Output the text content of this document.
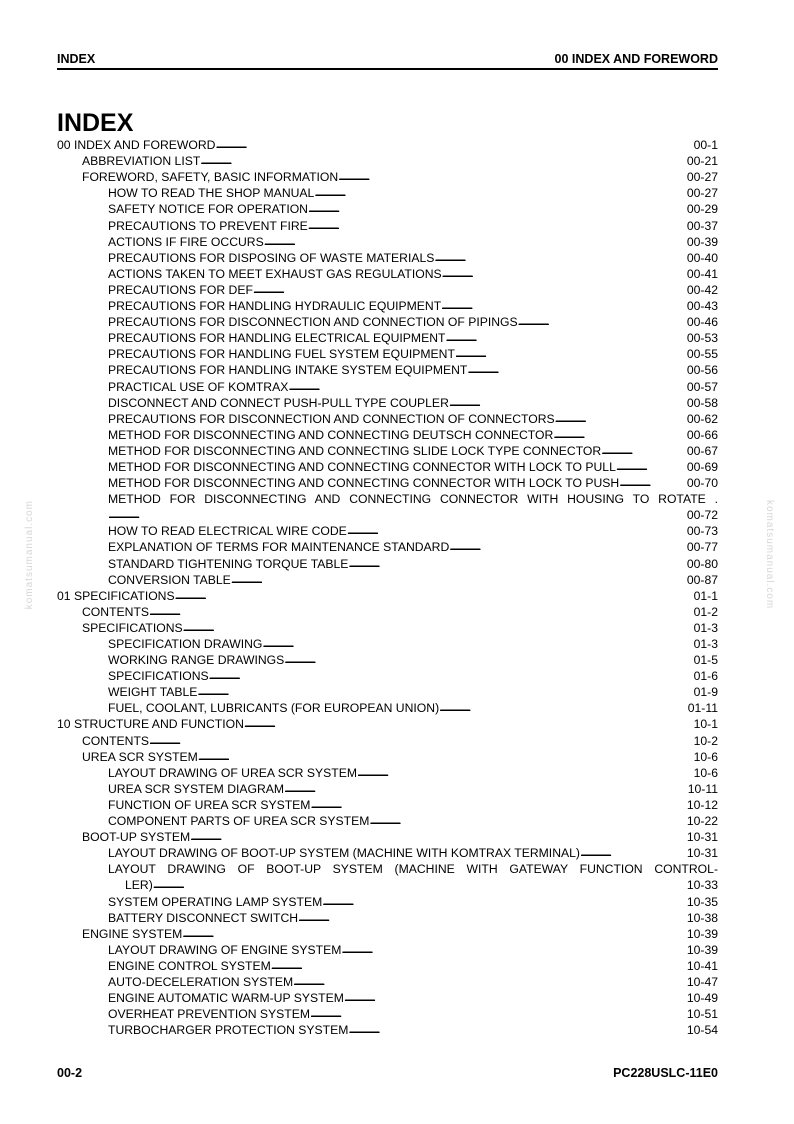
INDEX	00 INDEX AND FOREWORD
INDEX
00 INDEX AND FOREWORD . . .	00-1
ABBREVIATION LIST . . .	00-21
FOREWORD, SAFETY, BASIC INFORMATION . . .	00-27
HOW TO READ THE SHOP MANUAL . . .	00-27
SAFETY NOTICE FOR OPERATION . . .	00-29
PRECAUTIONS TO PREVENT FIRE . . .	00-37
ACTIONS IF FIRE OCCURS . . .	00-39
PRECAUTIONS FOR DISPOSING OF WASTE MATERIALS . . .	00-40
ACTIONS TAKEN TO MEET EXHAUST GAS REGULATIONS . . .	00-41
PRECAUTIONS FOR DEF . . .	00-42
PRECAUTIONS FOR HANDLING HYDRAULIC EQUIPMENT . . .	00-43
PRECAUTIONS FOR DISCONNECTION AND CONNECTION OF PIPINGS . . .	00-46
PRECAUTIONS FOR HANDLING ELECTRICAL EQUIPMENT . . .	00-53
PRECAUTIONS FOR HANDLING FUEL SYSTEM EQUIPMENT . . .	00-55
PRECAUTIONS FOR HANDLING INTAKE SYSTEM EQUIPMENT . . .	00-56
PRACTICAL USE OF KOMTRAX . . .	00-57
DISCONNECT AND CONNECT PUSH-PULL TYPE COUPLER . . .	00-58
PRECAUTIONS FOR DISCONNECTION AND CONNECTION OF CONNECTORS . . .	00-62
METHOD FOR DISCONNECTING AND CONNECTING DEUTSCH CONNECTOR . . .	00-66
METHOD FOR DISCONNECTING AND CONNECTING SLIDE LOCK TYPE CONNECTOR . . .	00-67
METHOD FOR DISCONNECTING AND CONNECTING CONNECTOR WITH LOCK TO PULL . . .	00-69
METHOD FOR DISCONNECTING AND CONNECTING CONNECTOR WITH LOCK TO PUSH . . .	00-70
METHOD FOR DISCONNECTING AND CONNECTING CONNECTOR WITH HOUSING TO ROTATE .
. . .
00-72
HOW TO READ ELECTRICAL WIRE CODE . . .	00-73
EXPLANATION OF TERMS FOR MAINTENANCE STANDARD . . .	00-77
STANDARD TIGHTENING TORQUE TABLE . . .	00-80
CONVERSION TABLE . . .	00-87
01 SPECIFICATIONS . . .	01-1
CONTENTS . . .	01-2
SPECIFICATIONS . . .	01-3
SPECIFICATION DRAWING . . .	01-3
WORKING RANGE DRAWINGS . . .	01-5
SPECIFICATIONS . . .	01-6
WEIGHT TABLE . . .	01-9
FUEL, COOLANT, LUBRICANTS (FOR EUROPEAN UNION) . . .	01-11
10 STRUCTURE AND FUNCTION . . .	10-1
CONTENTS . . .	10-2
UREA SCR SYSTEM . . .	10-6
LAYOUT DRAWING OF UREA SCR SYSTEM . . .	10-6
UREA SCR SYSTEM DIAGRAM . . .	10-11
FUNCTION OF UREA SCR SYSTEM . . .	10-12
COMPONENT PARTS OF UREA SCR SYSTEM . . .	10-22
BOOT-UP SYSTEM . . .	10-31
LAYOUT DRAWING OF BOOT-UP SYSTEM (MACHINE WITH KOMTRAX TERMINAL) . . .	10-31
LAYOUT DRAWING OF BOOT-UP SYSTEM (MACHINE WITH GATEWAY FUNCTION CONTROL-
LER) . . .	10-33
SYSTEM OPERATING LAMP SYSTEM . . .	10-35
BATTERY DISCONNECT SWITCH . . .	10-38
ENGINE SYSTEM . . .	10-39
LAYOUT DRAWING OF ENGINE SYSTEM . . .	10-39
ENGINE CONTROL SYSTEM . . .	10-41
AUTO-DECELERATION SYSTEM . . .	10-47
ENGINE AUTOMATIC WARM-UP SYSTEM . . .	10-49
OVERHEAT PREVENTION SYSTEM . . .	10-51
TURBOCHARGER PROTECTION SYSTEM . . .	10-54
komatsumanual.com	komatsumanual.com
00-2	PC228USLC-11E0
